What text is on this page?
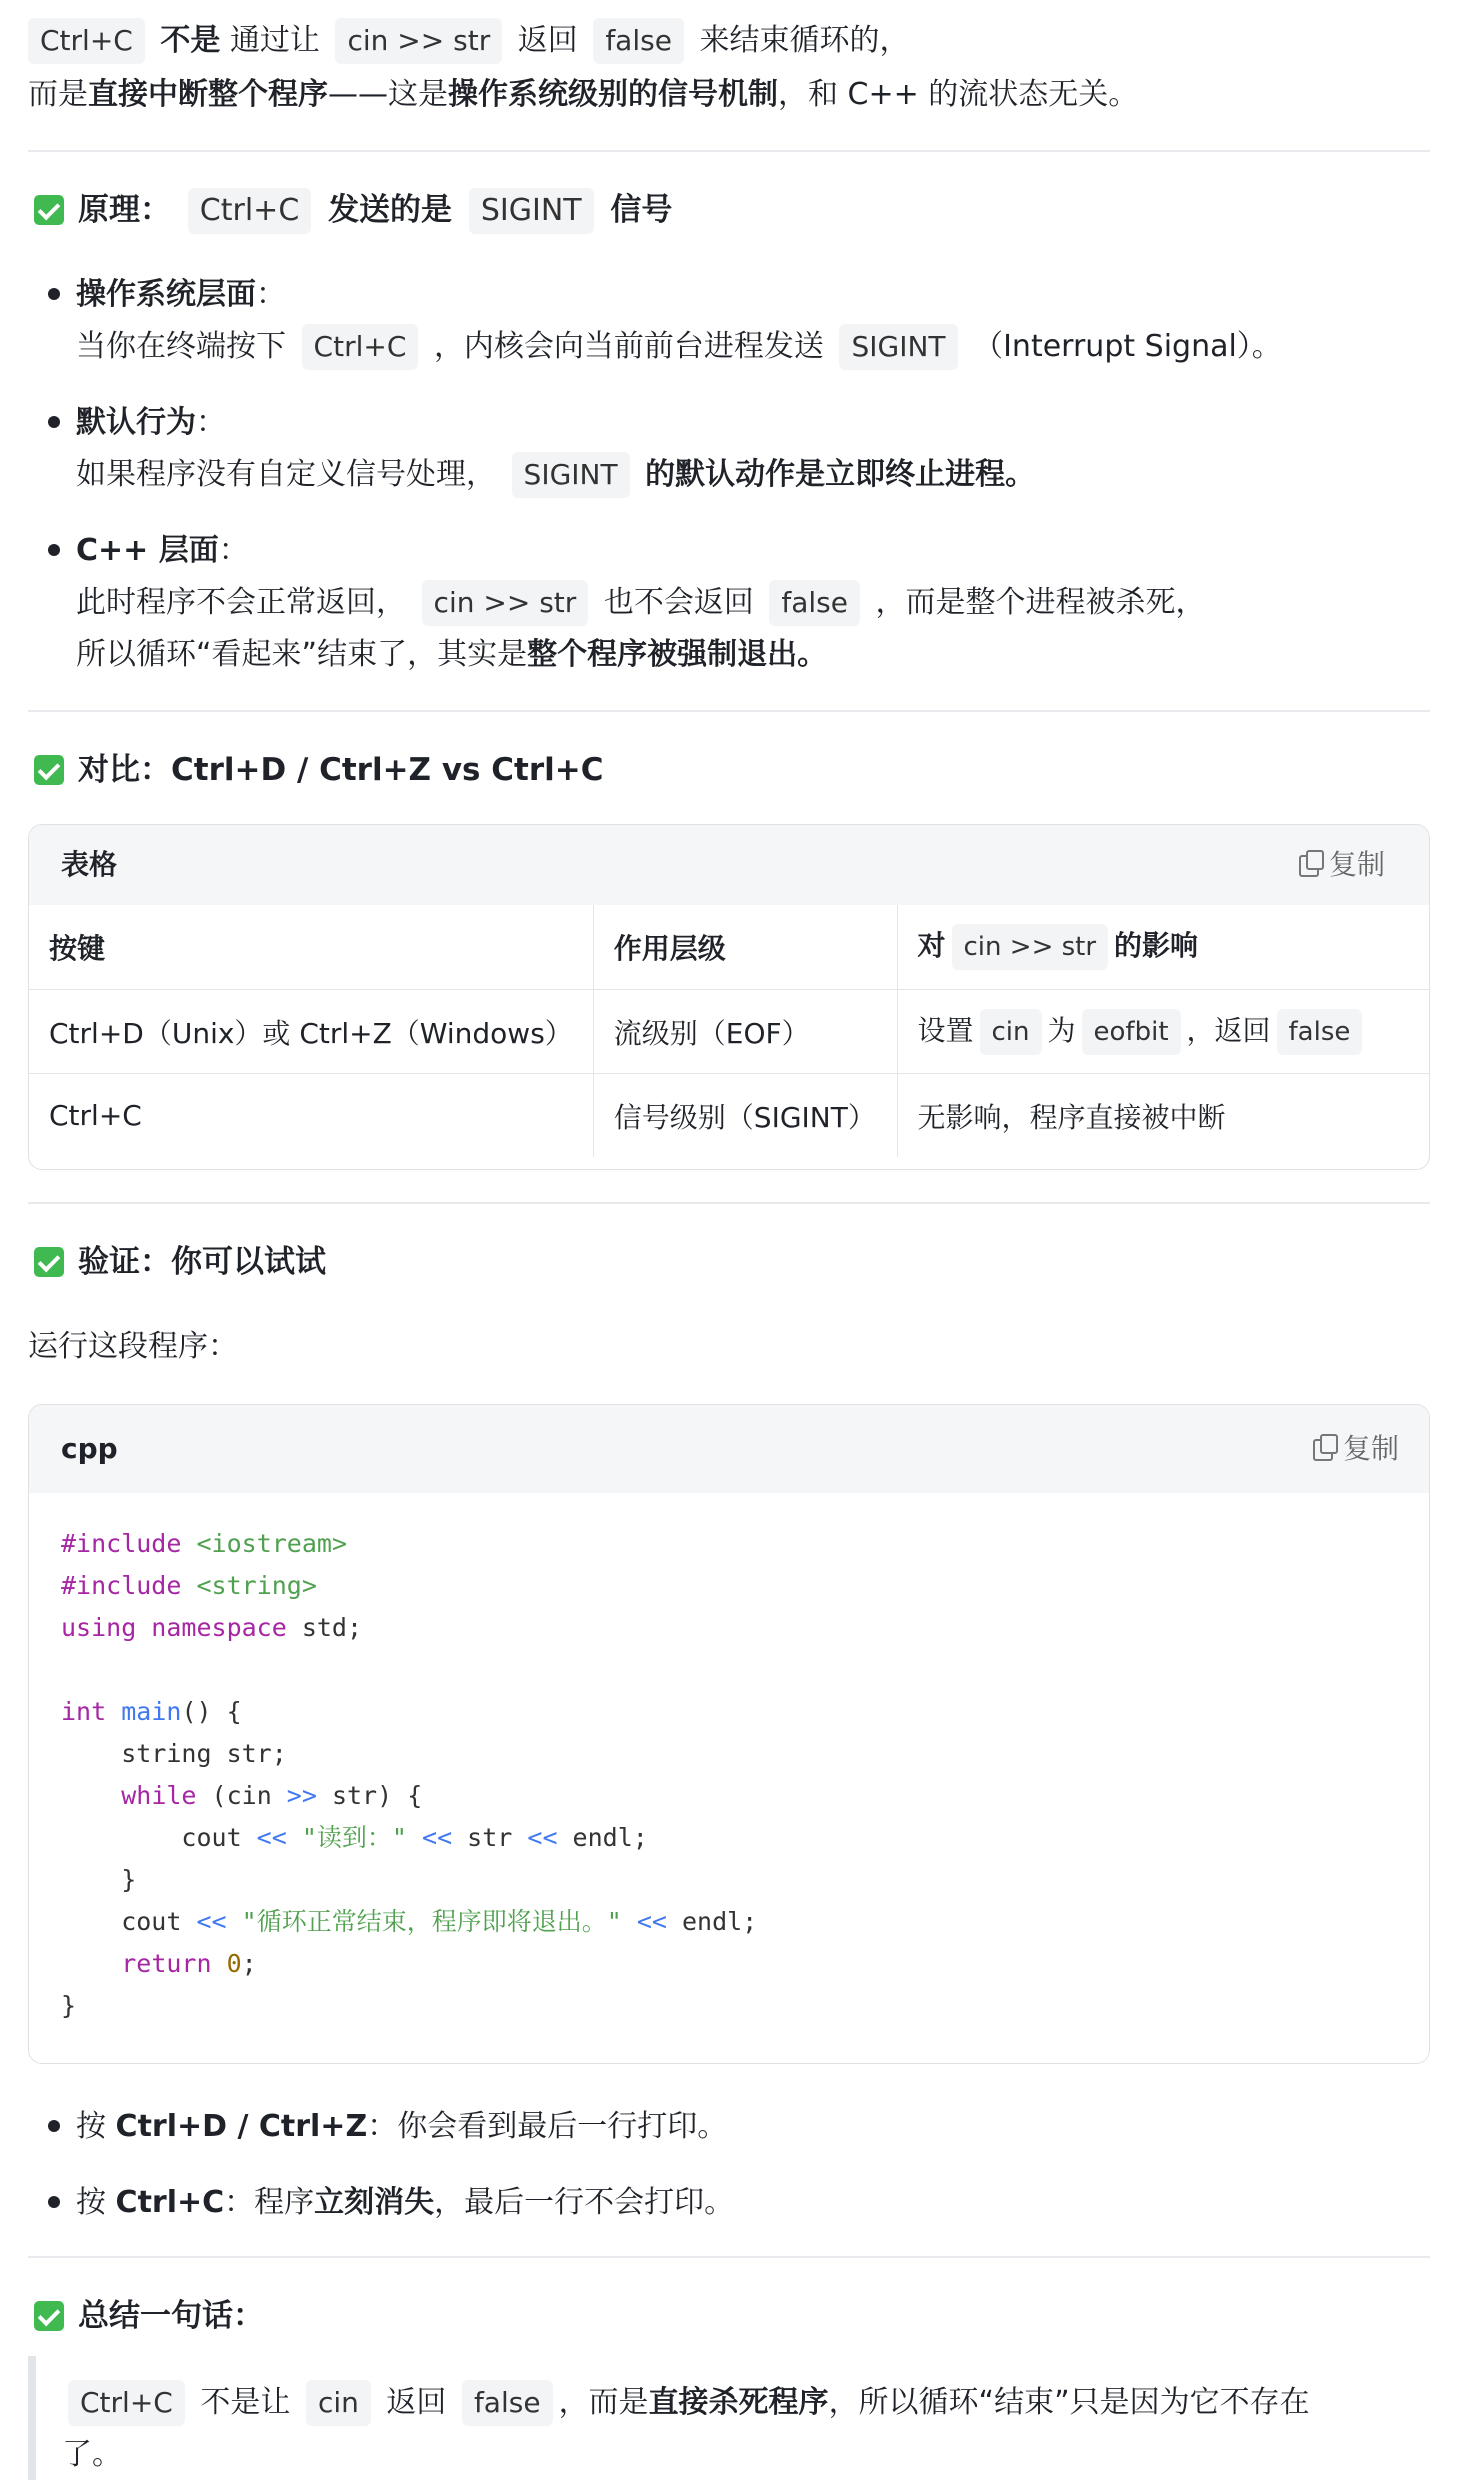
Ctrl+C 不是 通过让 cin >> str 返回 false 来结束循环的，
而是直接中断整个程序——这是操作系统级别的信号机制，和 C++ 的流状态无关。
原理： Ctrl+C 发送的是 SIGINT 信号
操作系统层面：
当你在终端按下 Ctrl+C ，内核会向当前前台进程发送 SIGINT （Interrupt Signal）。
默认行为：
如果程序没有自定义信号处理， SIGINT 的默认动作是立即终止进程。
C++ 层面：
此时程序不会正常返回， cin >> str 也不会返回 false ，而是整个进程被杀死，
所以循环“看起来”结束了，其实是整个程序被强制退出。
对比：Ctrl+D / Ctrl+Z vs Ctrl+C
表格	复制
按键	作用层级	对 cin >> str 的影响
Ctrl+D（Unix）或 Ctrl+Z（Windows）	流级别（EOF）	设置 cin 为 eofbit ，返回 false
Ctrl+C	信号级别（SIGINT）	无影响，程序直接被中断
验证：你可以试试
运行这段程序：
cpp	复制
#include <iostream>
#include <string>
using namespace std;

int main() {
string str;
while (cin >> str) {
cout << "读到：" << str << endl;
}
cout << "循环正常结束，程序即将退出。" << endl;
return 0;
}
按 Ctrl+D / Ctrl+Z：你会看到最后一行打印。
按 Ctrl+C：程序立刻消失，最后一行不会打印。
总结一句话：
Ctrl+C 不是让 cin 返回 false ，而是直接杀死程序，所以循环“结束”只是因为它不存在
了。
